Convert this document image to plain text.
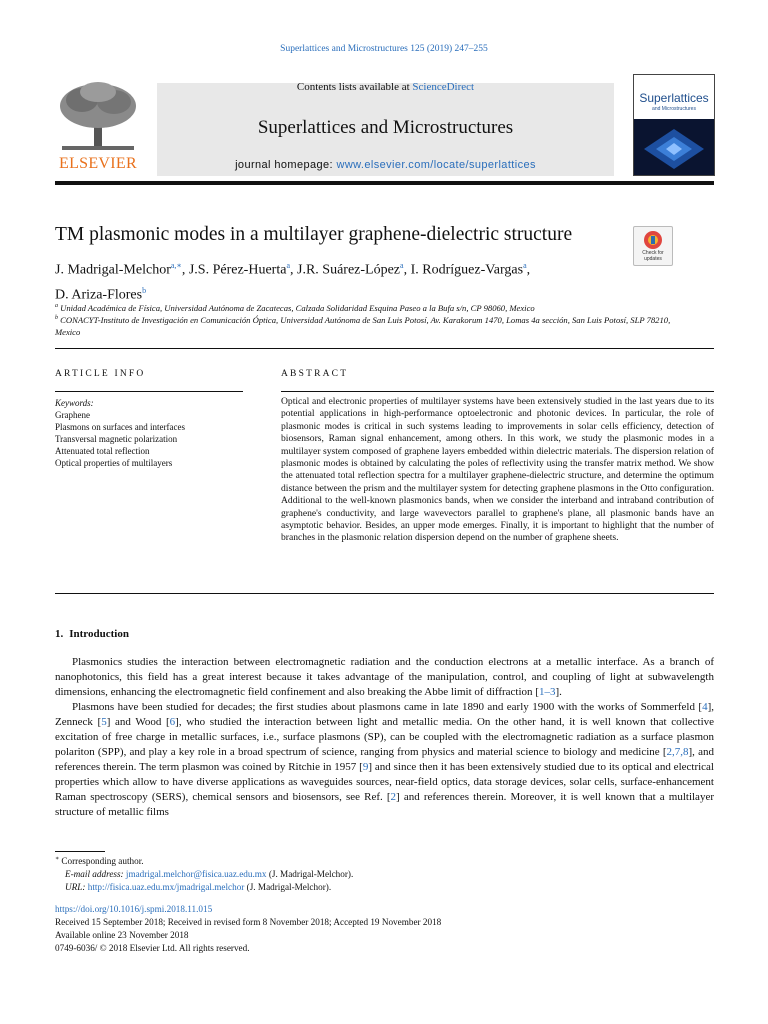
Superlattices and Microstructures 125 (2019) 247–255
ELSEVIER
Contents lists available at ScienceDirect
Superlattices and Microstructures
journal homepage: www.elsevier.com/locate/superlattices
Superlattices
and Microstructures
TM plasmonic modes in a multilayer graphene-dielectric structure
Check for updates
J. Madrigal-Melchor$^{a,∗}$, J.S. Pérez-Huerta$^a$, J.R. Suárez-López$^a$, I. Rodríguez-Vargas$^a$,
D. Ariza-Flores$^b$
$^a$ Unidad Académica de Física, Universidad Autónoma de Zacatecas, Calzada Solidaridad Esquina Paseo a la Bufa s/n, CP 98060, Mexico
$^b$ CONACYT-Instituto de Investigación en Comunicación Óptica, Universidad Autónoma de San Luis Potosí, Av. Karakorum 1470, Lomas 4a sección, San Luis Potosí, SLP 78210, Mexico
ARTICLE INFO
Keywords:
Graphene
Plasmons on surfaces and interfaces
Transversal magnetic polarization
Attenuated total reflection
Optical properties of multilayers
ABSTRACT
Optical and electronic properties of multilayer systems have been extensively studied in the last years due to its potential applications in high-performance optoelectronic and photonic devices. In particular, the role of plasmonic modes is critical in such systems leading to improvements in solar cells efficiency, detection of biosensors, Raman signal enhancement, among others. In this work, we study the plasmonic modes in a multilayer system composed of graphene layers embedded within dielectric materials. The dispersion relation of plasmonic modes is obtained by calculating the poles of reflectivity using the transfer matrix method. We show the attenuated total reflection spectra for a multilayer graphene-dielectric structure, and determine the optimum distance between the prism and the multilayer system for detecting graphene plasmons in the Otto configuration. Additional to the well-known plasmonics bands, when we consider the interband and intraband contribution of graphene's conductivity, and large wavevectors parallel to graphene's plane, all plasmonic bands have an asymptotic behavior. Besides, an upper mode emerges. Finally, it is important to highlight that the number of branches in the plasmonic relation dispersion depend on the number of graphene sheets.
1. Introduction

Plasmonics studies the interaction between electromagnetic radiation and the conduction electrons at a metallic interface. As a branch of nanophotonics, this field has a great interest because it takes advantage of the manipulation, control, and coupling of light at subwavelength dimensions, enhancing the electromagnetic field confinement and also breaking the Abbe limit of diffraction [1–3].

Plasmons have been studied for decades; the first studies about plasmons came in late 1890 and early 1900 with the works of Sommerfeld [4], Zenneck [5] and Wood [6], who studied the interaction between light and metallic media. On the other hand, it is well known that collective excitation of free charge in metallic surfaces, i.e., surface plasmons (SP), can be coupled with the electromagnetic radiation as a surface plasmon polariton (SPP), and play a key role in a broad spectrum of science, ranging from physics and material science to biology and medicine [2,7,8], and references therein. The term plasmon was coined by Ritchie in 1957 [9] and since then it has been extensively studied due to its optical and electrical properties which allow to have diverse applications as waveguides sources, near-field optics, data storage devices, solar cells, surface-enhancement Raman spectroscopy (SERS), chemical sensors and biosensors, see Ref. [2] and references therein. Moreover, it is well known that a multilayer structure of metallic films

∗ Corresponding author.
E-mail address: jmadrigal.melchor@fisica.uaz.edu.mx (J. Madrigal-Melchor).
URL: http://fisica.uaz.edu.mx/jmadrigal.melchor (J. Madrigal-Melchor).
https://doi.org/10.1016/j.spmi.2018.11.015
Received 15 September 2018; Received in revised form 8 November 2018; Accepted 19 November 2018
Available online 23 November 2018
0749-6036/ © 2018 Elsevier Ltd. All rights reserved.
